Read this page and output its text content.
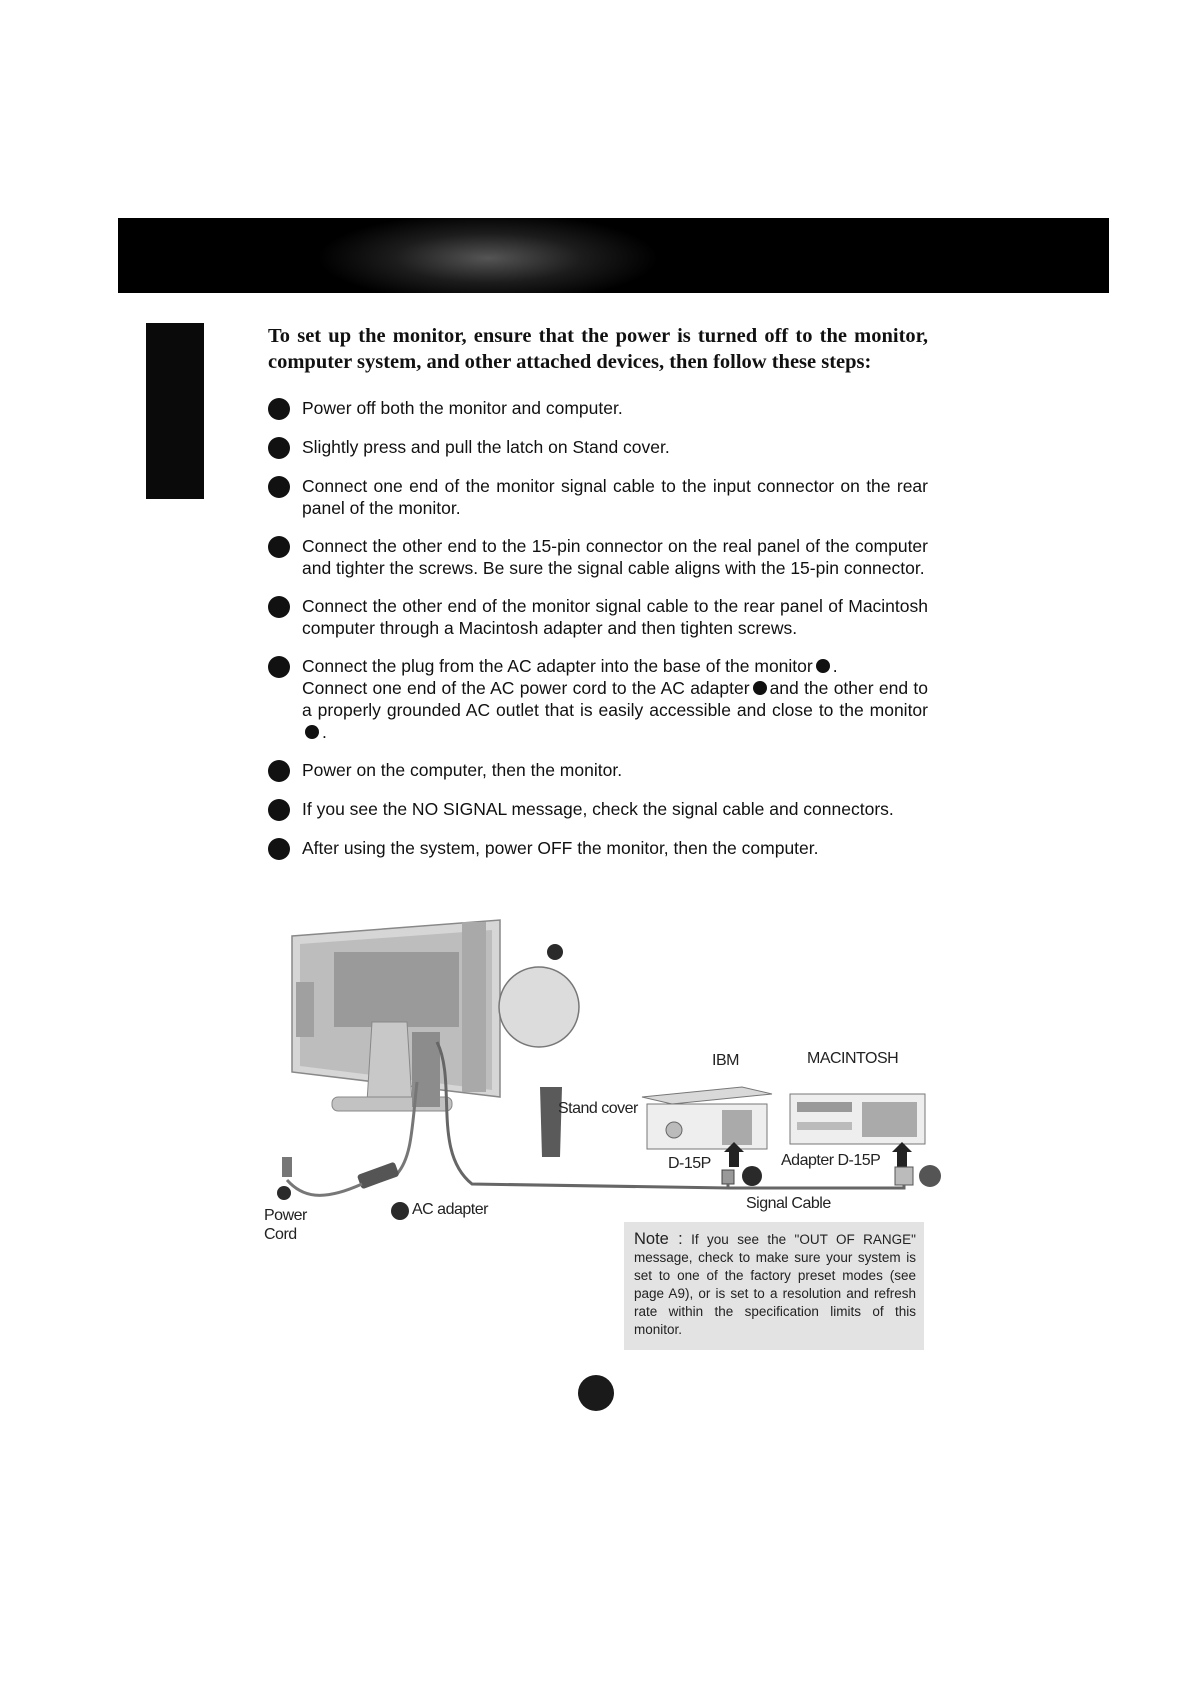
To set up the monitor, ensure that the power is turned off to the monitor, computer system, and other attached devices, then follow these steps:

Power off both the monitor and computer.
Slightly press and pull the latch on Stand cover.
Connect one end of the monitor signal cable to the input connector on the rear panel of the monitor.
Connect the other end to the 15-pin connector on the real panel of the computer and tighter the screws. Be sure the signal cable aligns with the 15-pin connector.
Connect the other end of the monitor signal cable to the rear panel of Macintosh computer through a Macintosh adapter and then tighten screws.
Connect the plug from the AC adapter into the base of the monitor .
Connect one end of the AC power cord to the AC adapter and the other end to a properly grounded AC outlet that is easily accessible and close to the monitor.
Power on the computer, then the monitor.
If you see the NO SIGNAL message, check the signal cable and connectors.
After using the system, power OFF the monitor, then the computer.
IBM	MACINTOSH
Stand cover
D-15P	Adapter D-15P
Signal Cable
AC adapter
Power
Cord	Note : If you see the "OUT OF RANGE" message, check to make sure your system is set to one of the factory preset modes (see page A9), or is set to a resolution and refresh rate within the specification limits of this monitor.
